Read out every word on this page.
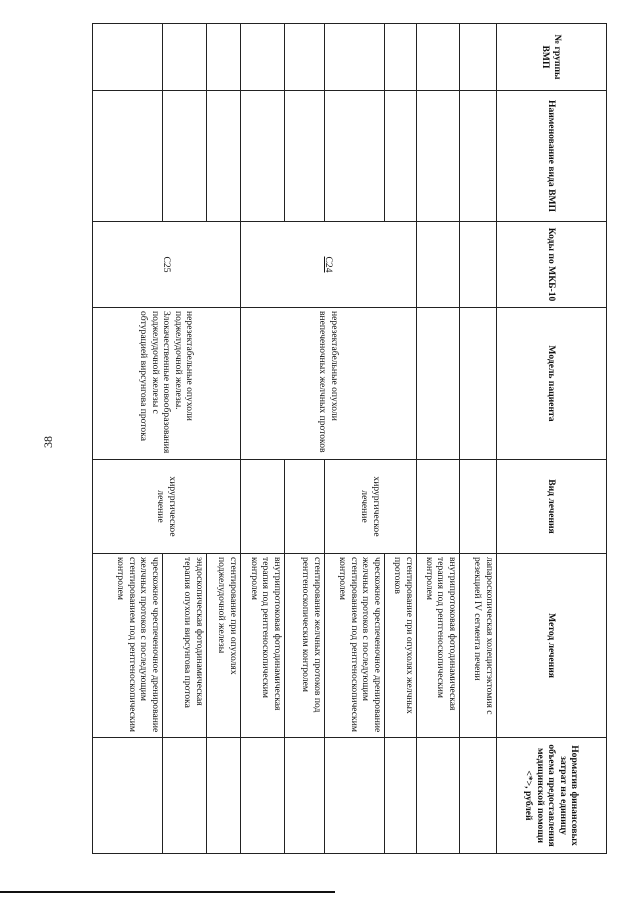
38
№ группы ВМП	Наименование вида ВМП	Коды по МКБ-10	Модель пациента	Вид лечения	Метод лечения	Норматив финансовых затрат на единицу объема предоставления медицинской помощи <*>, рублей
					лапароскопическая холецистэктомия с резекцией IV сегмента печени	
					внутрипротоковая фотодинамическая терапия под рентгеноскопическим контролем	
		C24	нерезектабельные опухоли внепеченочных желчных протоков	хирургическое лечение	стентирование при опухолях желчных протоков	
					чрескожное чреспеченочное дренирование желчных протоков с последующим стентированием под рентгеноскопическим контролем	
					стентирование желчных протоков под рентгеноскопическим контролем	
					внутрипротоковая фотодинамическая терапия под рентгеноскопическим контролем	
		C25	нерезектабельные опухоли поджелудочной железы. Злокачественные новообразования поджелудочной железы с обтурацией вирсунгова протока	хирургическое лечение	стентирование при опухолях поджелудочной железы	
					эндоскопическая фотодинамическая терапия опухоли вирсунгова протока	
					чрескожное чреспеченочное дренирование желчных протоков с последующим стентированием под рентгеноскопическим контролем	
